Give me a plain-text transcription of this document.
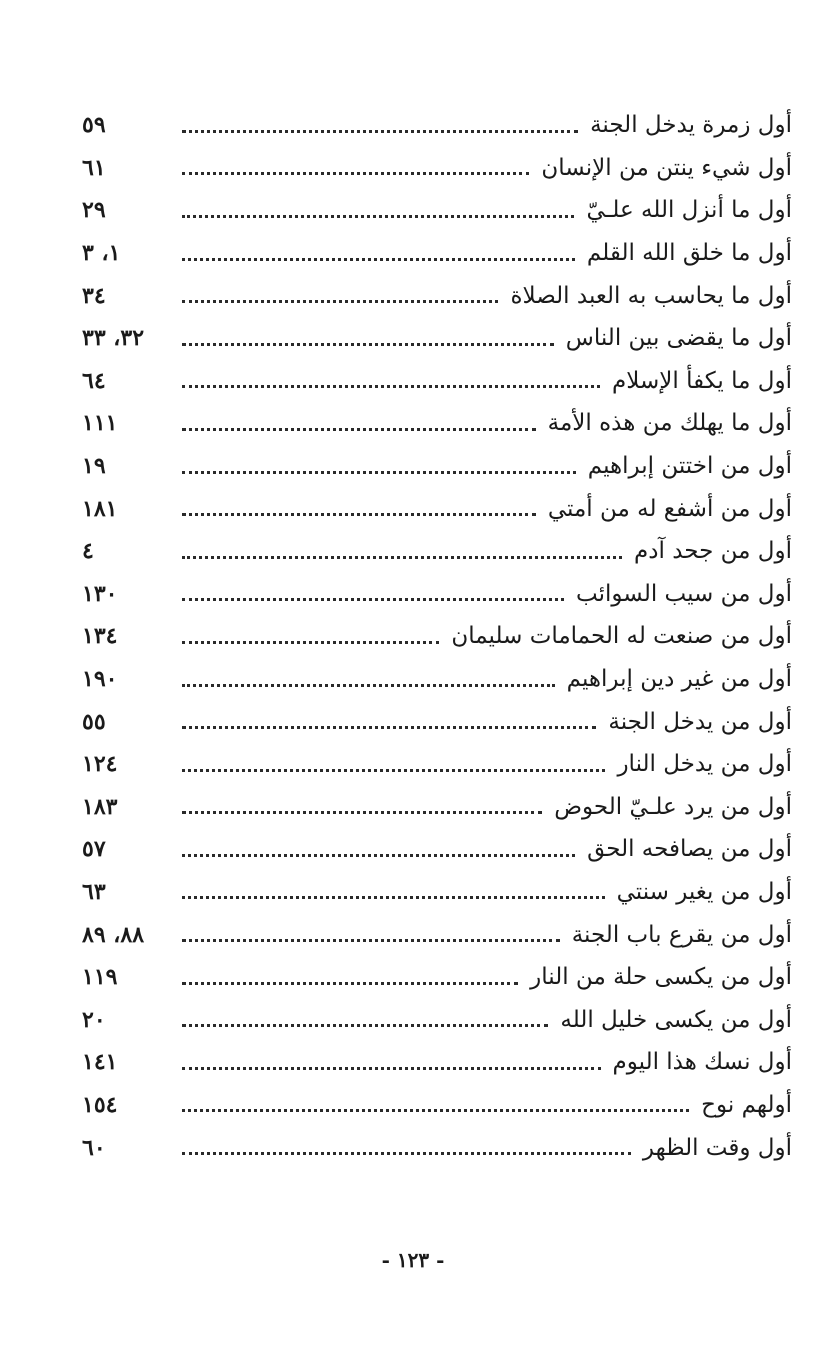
٥٩	أول زمرة يدخل الجنة
٦١	أول شيء ينتن من الإنسان
٢٩	أول ما أنزل الله علـيّ
١، ٣	أول ما خلق الله القلم
٣٤	أول ما يحاسب به العبد الصلاة
٣٢، ٣٣	أول ما يقضى بين الناس
٦٤	أول ما يكفأ الإسلام
١١١	أول ما يهلك من هذه الأمة
١٩	أول من اختتن إبراهيم
١٨١	أول من أشفع له من أمتي
٤	أول من جحد آدم
١٣٠	أول من سيب السوائب
١٣٤	أول من صنعت له الحمامات سليمان
١٩٠	أول من غير دين إبراهيم
٥٥	أول من يدخل الجنة
١٢٤	أول من يدخل النار
١٨٣	أول من يرد علـيّ الحوض
٥٧	أول من يصافحه الحق
٦٣	أول من يغير سنتي
٨٨، ٨٩	أول من يقرع باب الجنة
١١٩	أول من يكسى حلة من النار
٢٠	أول من يكسى خليل الله
١٤١	أول نسك هذا اليوم
١٥٤	أولهم نوح
٦٠	أول وقت الظهر
- ١٢٣ -
